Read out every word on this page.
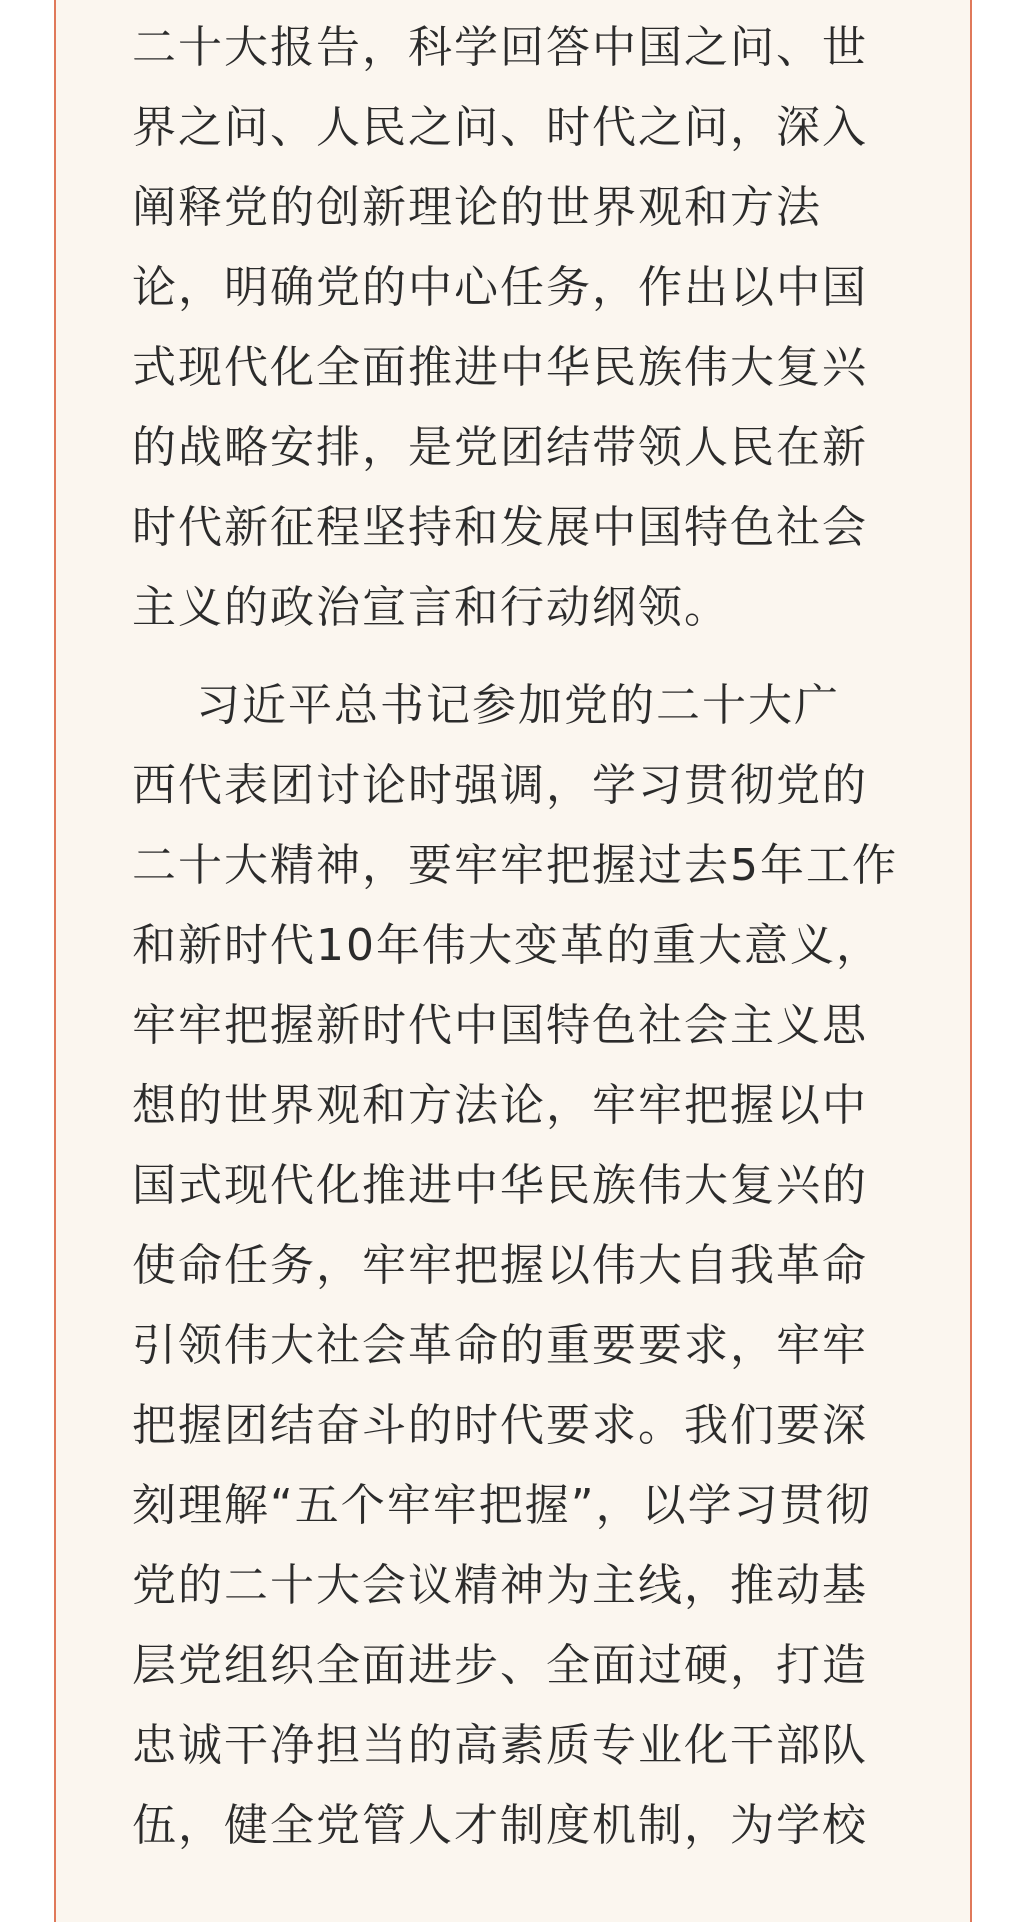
二十大报告，科学回答中国之问、世
界之问、人民之问、时代之问，深入
阐释党的创新理论的世界观和方法
论，明确党的中心任务，作出以中国
式现代化全面推进中华民族伟大复兴
的战略安排，是党团结带领人民在新
时代新征程坚持和发展中国特色社会
主义的政治宣言和行动纲领。
习近平总书记参加党的二十大广
西代表团讨论时强调，学习贯彻党的
二十大精神，要牢牢把握过去5年工作
和新时代10年伟大变革的重大意义，
牢牢把握新时代中国特色社会主义思
想的世界观和方法论，牢牢把握以中
国式现代化推进中华民族伟大复兴的
使命任务，牢牢把握以伟大自我革命
引领伟大社会革命的重要要求，牢牢
把握团结奋斗的时代要求。我们要深
刻理解“五个牢牢把握”，以学习贯彻
党的二十大会议精神为主线，推动基
层党组织全面进步、全面过硬，打造
忠诚干净担当的高素质专业化干部队
伍，健全党管人才制度机制，为学校
